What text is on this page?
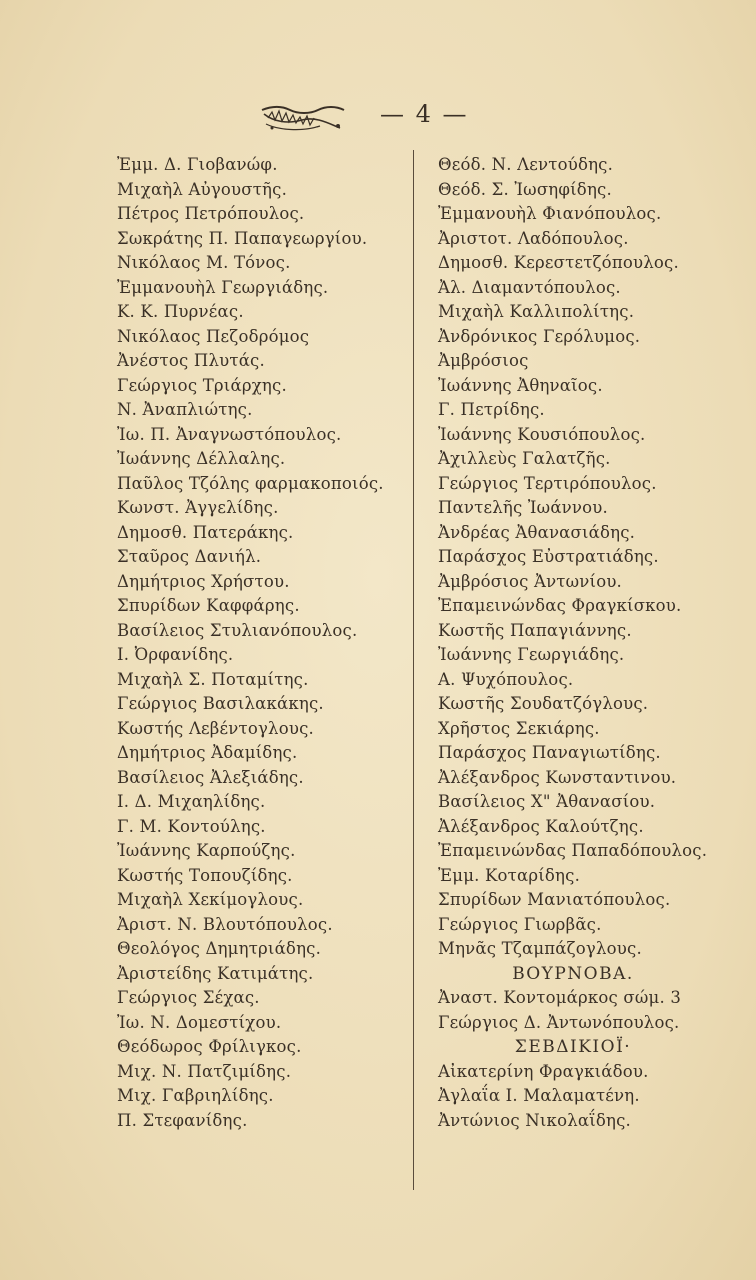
— 4 —
Ἐμμ. Δ. Γιοβανώφ.
Μιχαὴλ Αὐγουστῆς.
Πέτρος Πετρόπουλος.
Σωκράτης Π. Παπαγεωργίου.
Νικόλαος Μ. Τόνος.
Ἐμμανουὴλ Γεωργιάδης.
Κ. Κ. Πυρνέας.
Νικόλαος Πεζοδρόμος
Ἀνέστος Πλυτάς.
Γεώργιος Τριάρχης.
Ν. Ἀναπλιώτης.
Ἰω. Π. Ἀναγνωστόπουλος.
Ἰωάννης Δέλλαλης.
Παῦλος Τζόλης φαρμακοποιός.
Κωνστ. Ἀγγελίδης.
Δημοσθ. Πατεράκης.
Σταῦρος Δανιήλ.
Δημήτριος Χρήστου.
Σπυρίδων Καφφάρης.
Βασίλειος Στυλιανόπουλος.
Ι. Ὀρφανίδης.
Μιχαὴλ Σ. Ποταμίτης.
Γεώργιος Βασιλακάκης.
Κωστής Λεβέντογλους.
Δημήτριος Ἀδαμίδης.
Βασίλειος Ἀλεξιάδης.
Ι. Δ. Μιχαηλίδης.
Γ. Μ. Κοντούλης.
Ἰωάννης Καρπούζης.
Κωστής Τοπουζίδης.
Μιχαὴλ Χεκίμογλους.
Ἀριστ. Ν. Βλουτόπουλος.
Θεολόγος Δημητριάδης.
Ἀριστείδης Κατιμάτης.
Γεώργιος Σέχας.
Ἰω. Ν. Δομεστίχου.
Θεόδωρος Φρίλιγκος.
Μιχ. Ν. Πατζιμίδης.
Μιχ. Γαβριηλίδης.
Π. Στεφανίδης.
Θεόδ. Ν. Λεντούδης.
Θεόδ. Σ. Ἰωσηφίδης.
Ἐμμανουὴλ Φιανόπουλος.
Ἀριστοτ. Λαδόπουλος.
Δημοσθ. Κερεστετζόπουλος.
Ἀλ. Διαμαντόπουλος.
Μιχαὴλ Καλλιπολίτης.
Ἀνδρόνικος Γερόλυμος.
Ἀμβρόσιος
Ἰωάννης Ἀθηναῖος.
Γ. Πετρίδης.
Ἰωάννης Κουσιόπουλος.
Ἀχιλλεὺς Γαλατζῆς.
Γεώργιος Τερτιρόπουλος.
Παντελῆς Ἰωάννου.
Ἀνδρέας Ἀθανασιάδης.
Παράσχος Εὐστρατιάδης.
Ἀμβρόσιος Ἀντωνίου.
Ἐπαμεινώνδας Φραγκίσκου.
Κωστῆς Παπαγιάννης.
Ἰωάννης Γεωργιάδης.
Α. Ψυχόπουλος.
Κωστῆς Σουδατζόγλους.
Χρῆστος Σεκιάρης.
Παράσχος Παναγιωτίδης.
Ἀλέξανδρος Κωνσταντινου.
Βασίλειος Χ" Ἀθανασίου.
Ἀλέξανδρος Καλούτζης.
Ἐπαμεινώνδας Παπαδόπουλος.
Ἐμμ. Κοταρίδης.
Σπυρίδων Μανιατόπουλος.
Γεώργιος Γιωρβᾶς.
Μηνᾶς Τζαμπάζογλους.
ΒΟΥΡΝΟΒΑ.
Ἀναστ. Κοντομάρκος σώμ. 3
Γεώργιος Δ. Ἀντωνόπουλος.
ΣΕΒΔΙΚΙΟΪ·
Αἰκατερίνη Φραγκιάδου.
Ἀγλαΐα Ι. Μαλαματένη.
Ἀντώνιος Νικολαΐδης.
